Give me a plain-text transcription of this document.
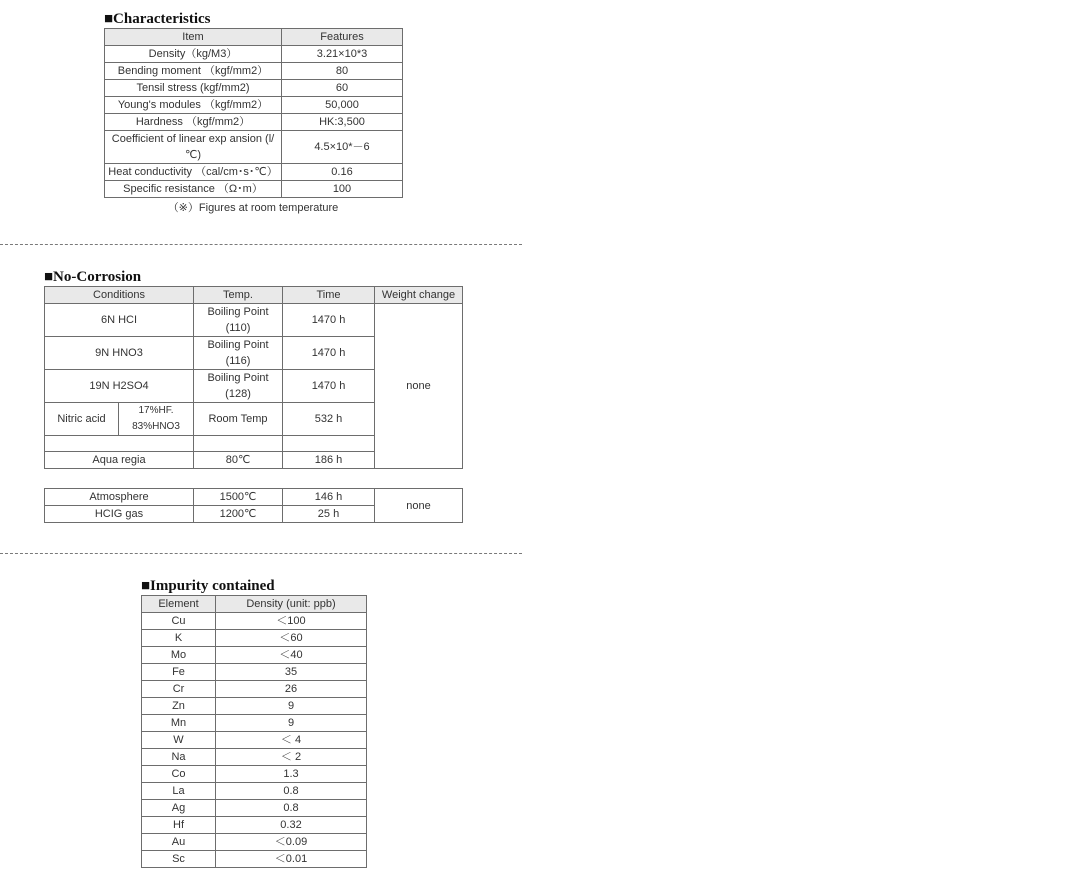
■Characteristics
Item	Features
Density（kg/M3）	3.21×10*3
Bending moment （kgf/mm2）	80
Tensil stress (kgf/mm2)	60
Young's modules （kgf/mm2）	50,000
Hardness （kgf/mm2）	HK:3,500
Coefficient of linear exp ansion (l/℃)	4.5×10*－6
Heat conductivity （cal/cm･s･℃）	0.16
Specific resistance （Ω･m）	100
（※）Figures at room temperature
■No-Corrosion
Conditions		Temp.	Time	Weight change
6N HCI		Boiling Point (110)	1470 h	none
9N HNO3		Boiling Point (116)	1470 h	
19N H2SO4		Boiling Point (128)	1470 h	
Nitric acid	17%HF. 83%HNO3	Room Temp	532 h	

Aqua regia		80℃	186 h	
Atmosphere	1500℃	146 h	none
HCIG gas	1200℃	25 h	
■Impurity contained
Element	Density (unit: ppb)
Cu	＜100
K	＜60
Mo	＜40
Fe	35
Cr	26
Zn	9
Mn	9
W	＜ 4
Na	＜ 2
Co	1.3
La	0.8
Ag	0.8
Hf	0.32
Au	＜0.09
Sc	＜0.01
